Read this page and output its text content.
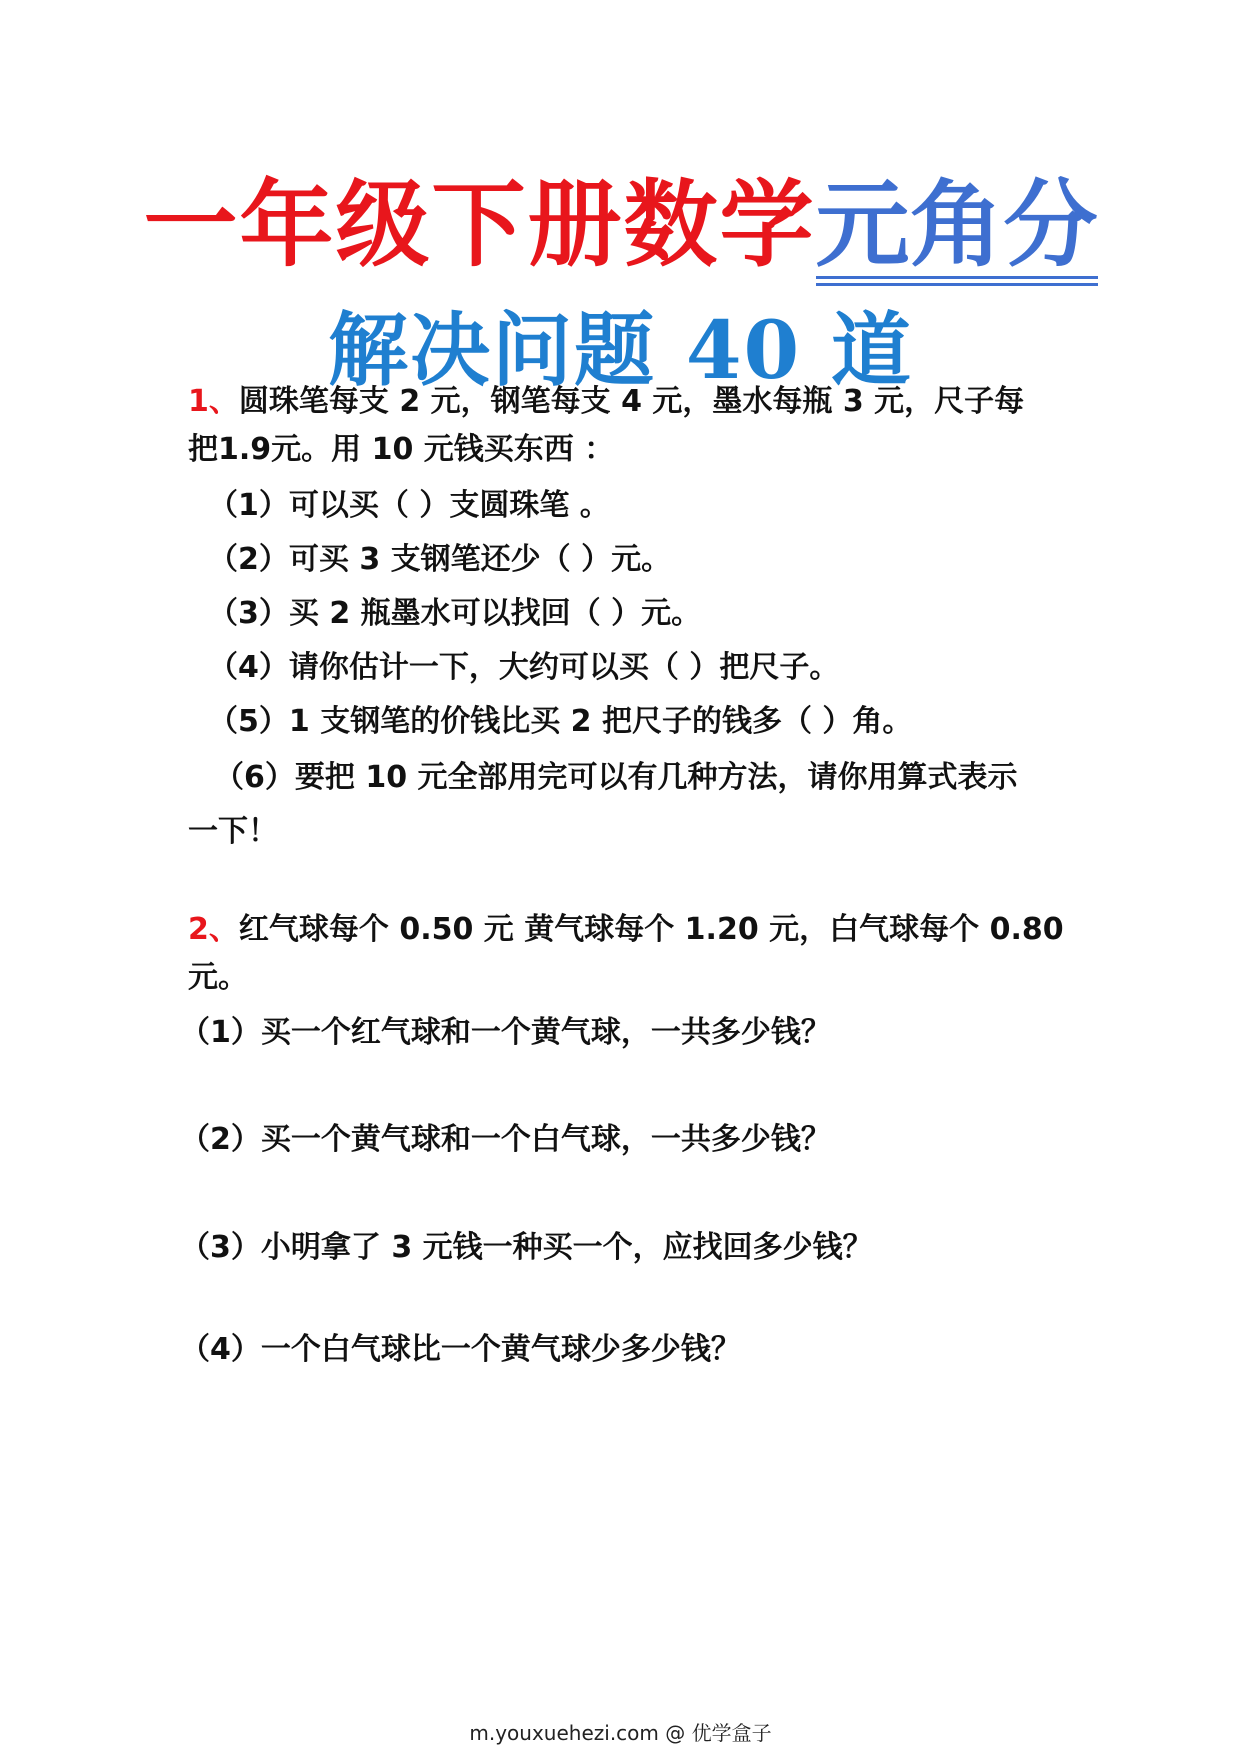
一年级下册数学元角分
解决问题 40 道
1、圆珠笔每支 2 元，钢笔每支 4 元，墨水每瓶 3 元，尺子每
把1.9元。用 10 元钱买东西 ：
（1）可以买（ ）支圆珠笔 。
（2）可买 3 支钢笔还少（ ）元。
（3）买 2 瓶墨水可以找回（ ）元。
（4）请你估计一下，大约可以买（ ）把尺子。
（5）1 支钢笔的价钱比买 2 把尺子的钱多（ ）角。
（6）要把 10 元全部用完可以有几种方法，请你用算式表示
一下！
2、红气球每个 0.50 元 黄气球每个 1.20 元，白气球每个 0.80
元。
（1）买一个红气球和一个黄气球，一共多少钱？
（2）买一个黄气球和一个白气球，一共多少钱？
（3）小明拿了 3 元钱一种买一个，应找回多少钱？
（4）一个白气球比一个黄气球少多少钱？
m.youxuehezi.com @ 优学盒子
